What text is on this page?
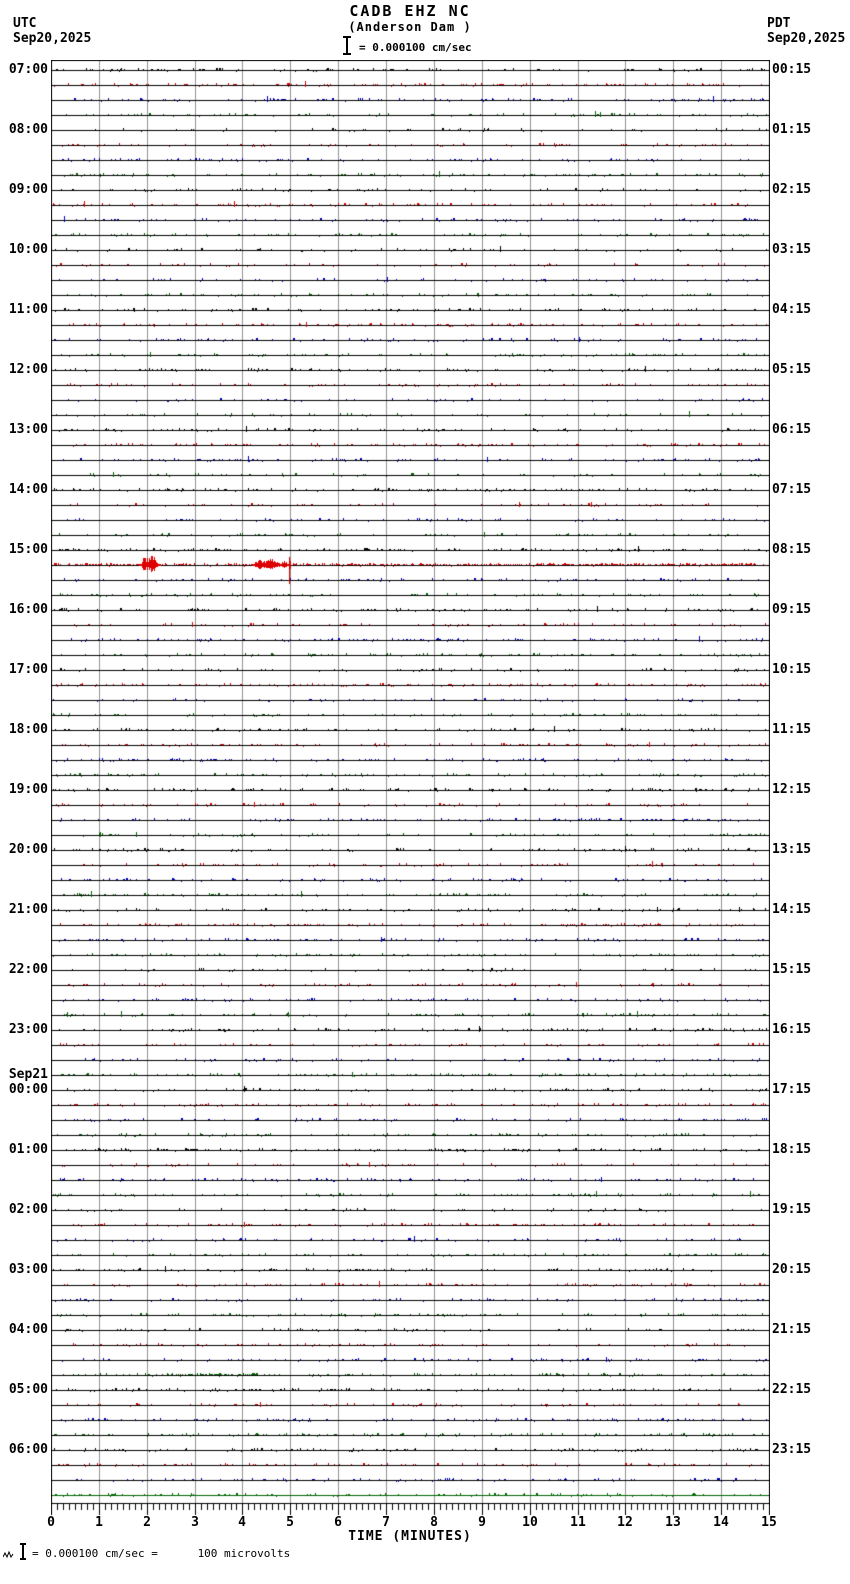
CADB EHZ NC
(Anderson Dam )
= 0.000100 cm/sec
UTC
Sep20,2025
PDT
Sep20,2025
07:00
08:00
09:00
10:00
11:00
12:00
13:00
14:00
15:00
16:00
17:00
18:00
19:00
20:00
21:00
22:00
23:00
Sep21
00:00
01:00
02:00
03:00
04:00
05:00
06:00
00:15
01:15
02:15
03:15
04:15
05:15
06:15
07:15
08:15
09:15
10:15
11:15
12:15
13:15
14:15
15:15
16:15
17:15
18:15
19:15
20:15
21:15
22:15
23:15
0	1	2	3	4	5	6	7	8	9	10	11	12	13	14	15
TIME (MINUTES)
= 0.000100 cm/sec =      100 microvolts
